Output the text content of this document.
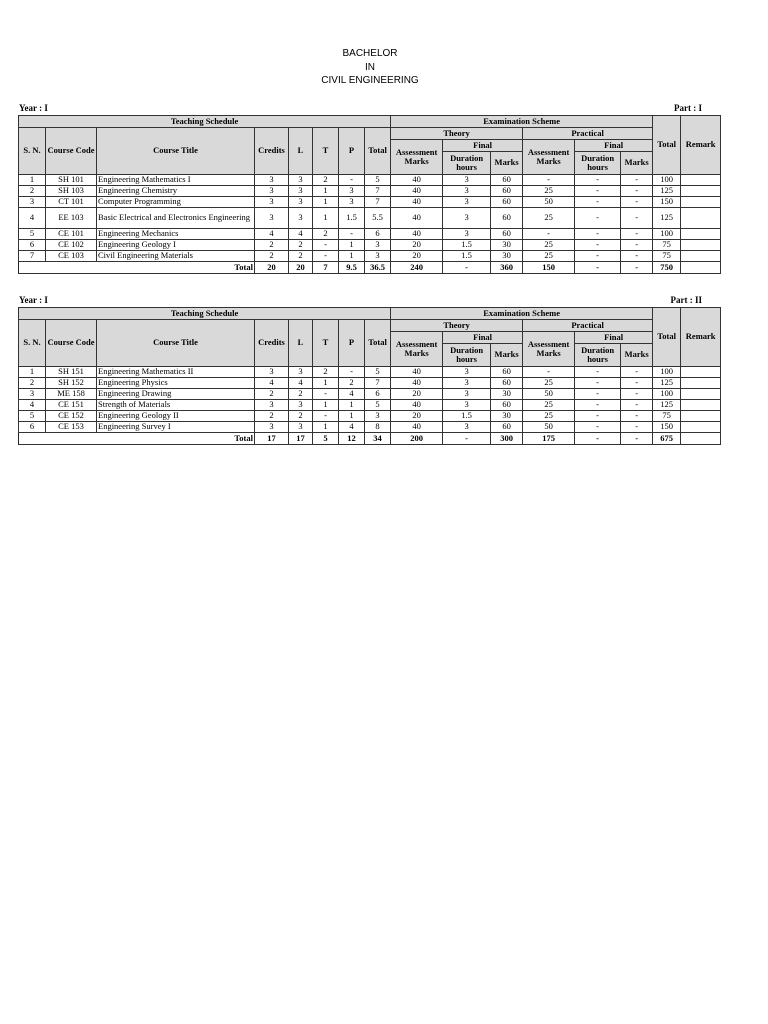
BACHELOR
IN
CIVIL ENGINEERING
Year : I	Part : I
Teaching Schedule								Examination Scheme						Total	Remark
S. N.	Course Code	Course Title	Credits	L	T	P	Total	Theory			Practical				
								Assessment Marks	Final		Assessment Marks	Final			
									Duration hours	Marks		Duration hours	Marks		
1	SH 101	Engineering Mathematics I	3	3	2	-	5	40	3	60	-	-	-	100	
2	SH 103	Engineering Chemistry	3	3	1	3	7	40	3	60	25	-	-	125	
3	CT 101	Computer Programming	3	3	1	3	7	40	3	60	50	-	-	150	
4	EE 103	Basic Electrical and Electronics Engineering	3	3	1	1.5	5.5	40	3	60	25	-	-	125	
5	CE 101	Engineering Mechanics	4	4	2	-	6	40	3	60	-	-	-	100	
6	CE 102	Engineering Geology I	2	2	-	1	3	20	1.5	30	25	-	-	75	
7	CE 103	Civil Engineering Materials	2	2	-	1	3	20	1.5	30	25	-	-	75	
Total			20	20	7	9.5	36.5	240	-	360	150	-	-	750	
Year : I	Part : II
Teaching Schedule								Examination Scheme						Total	Remark
S. N.	Course Code	Course Title	Credits	L	T	P	Total	Theory			Practical				
								Assessment Marks	Final		Assessment Marks	Final			
									Duration hours	Marks		Duration hours	Marks		
1	SH 151	Engineering Mathematics II	3	3	2	-	5	40	3	60	-	-	-	100	
2	SH 152	Engineering Physics	4	4	1	2	7	40	3	60	25	-	-	125	
3	ME 158	Engineering Drawing	2	2	-	4	6	20	3	30	50	-	-	100	
4	CE 151	Strength of Materials	3	3	1	1	5	40	3	60	25	-	-	125	
5	CE 152	Engineering Geology II	2	2	-	1	3	20	1.5	30	25	-	-	75	
6	CE 153	Engineering Survey I	3	3	1	4	8	40	3	60	50	-	-	150	
Total			17	17	5	12	34	200	-	300	175	-	-	675	
